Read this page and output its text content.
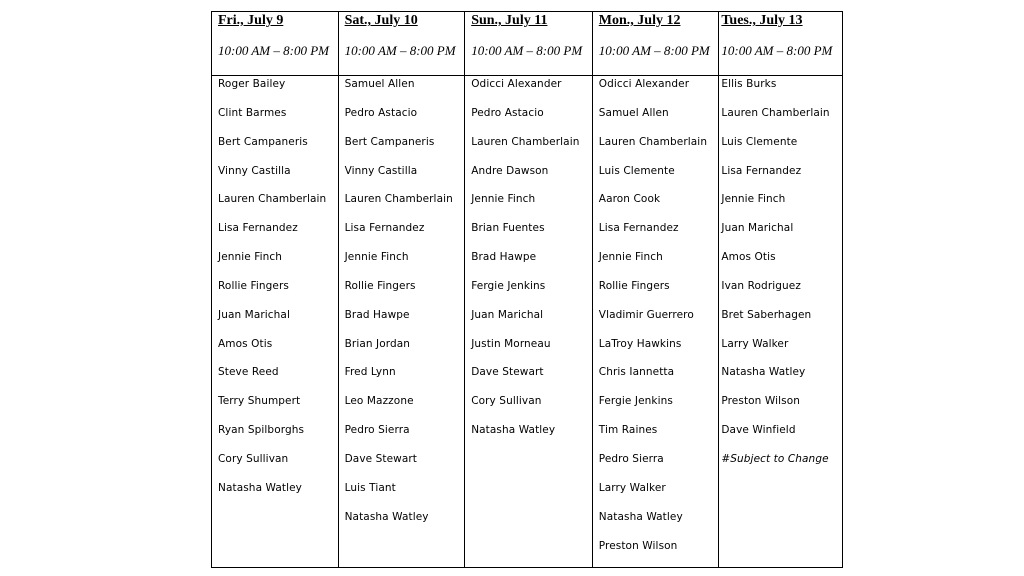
Fri., July 9
10:00 AM – 8:00 PM
Roger Bailey
Clint Barmes
Bert Campaneris
Vinny Castilla
Lauren Chamberlain
Lisa Fernandez
Jennie Finch
Rollie Fingers
Juan Marichal
Amos Otis
Steve Reed
Terry Shumpert
Ryan Spilborghs
Cory Sullivan
Natasha Watley
Sat., July 10
10:00 AM – 8:00 PM
Samuel Allen
Pedro Astacio
Bert Campaneris
Vinny Castilla
Lauren Chamberlain
Lisa Fernandez
Jennie Finch
Rollie Fingers
Brad Hawpe
Brian Jordan
Fred Lynn
Leo Mazzone
Pedro Sierra
Dave Stewart
Luis Tiant
Natasha Watley
Sun., July 11
10:00 AM – 8:00 PM
Odicci Alexander
Pedro Astacio
Lauren Chamberlain
Andre Dawson
Jennie Finch
Brian Fuentes
Brad Hawpe
Fergie Jenkins
Juan Marichal
Justin Morneau
Dave Stewart
Cory Sullivan
Natasha Watley
Mon., July 12
10:00 AM – 8:00 PM
Odicci Alexander
Samuel Allen
Lauren Chamberlain
Luis Clemente
Aaron Cook
Lisa Fernandez
Jennie Finch
Rollie Fingers
Vladimir Guerrero
LaTroy Hawkins
Chris Iannetta
Fergie Jenkins
Tim Raines
Pedro Sierra
Larry Walker
Natasha Watley
Preston Wilson
Tues., July 13
10:00 AM – 8:00 PM
Ellis Burks
Lauren Chamberlain
Luis Clemente
Lisa Fernandez
Jennie Finch
Juan Marichal
Amos Otis
Ivan Rodriguez
Bret Saberhagen
Larry Walker
Natasha Watley
Preston Wilson
Dave Winfield
#Subject to Change
